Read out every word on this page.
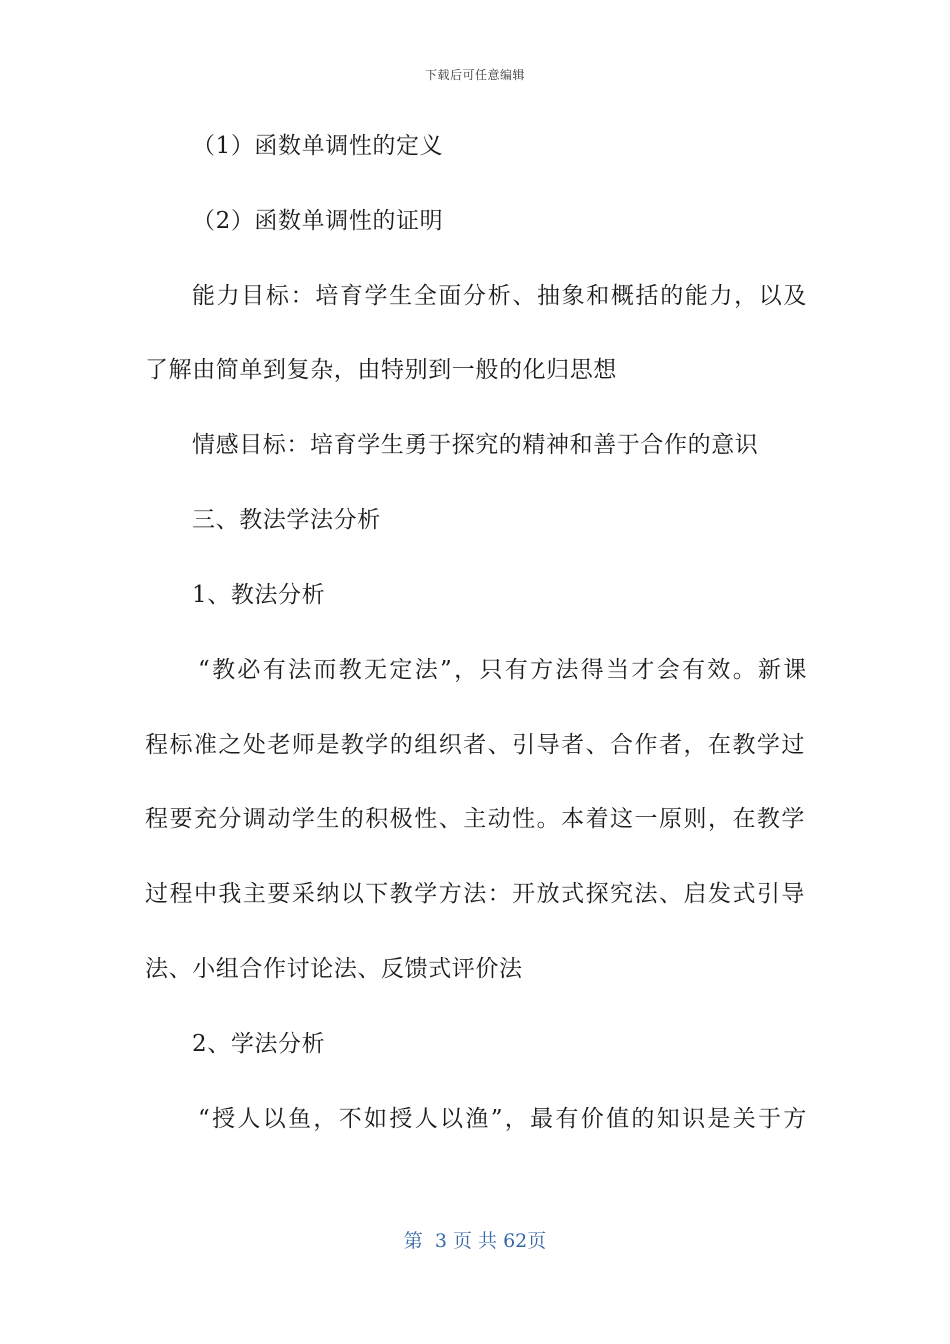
下载后可任意编辑
（1）函数单调性的定义
（2）函数单调性的证明
能力目标：培育学生全面分析、抽象和概括的能力，以及
了解由简单到复杂，由特别到一般的化归思想
情感目标：培育学生勇于探究的精神和善于合作的意识
三、教法学法分析
1、教法分析
“教必有法而教无定法”，只有方法得当才会有效。新课
程标准之处老师是教学的组织者、引导者、合作者，在教学过
程要充分调动学生的积极性、主动性。本着这一原则，在教学
过程中我主要采纳以下教学方法：开放式探究法、启发式引导
法、小组合作讨论法、反馈式评价法
2、学法分析
“授人以鱼，不如授人以渔”，最有价值的知识是关于方
第 3 页 共 62页
